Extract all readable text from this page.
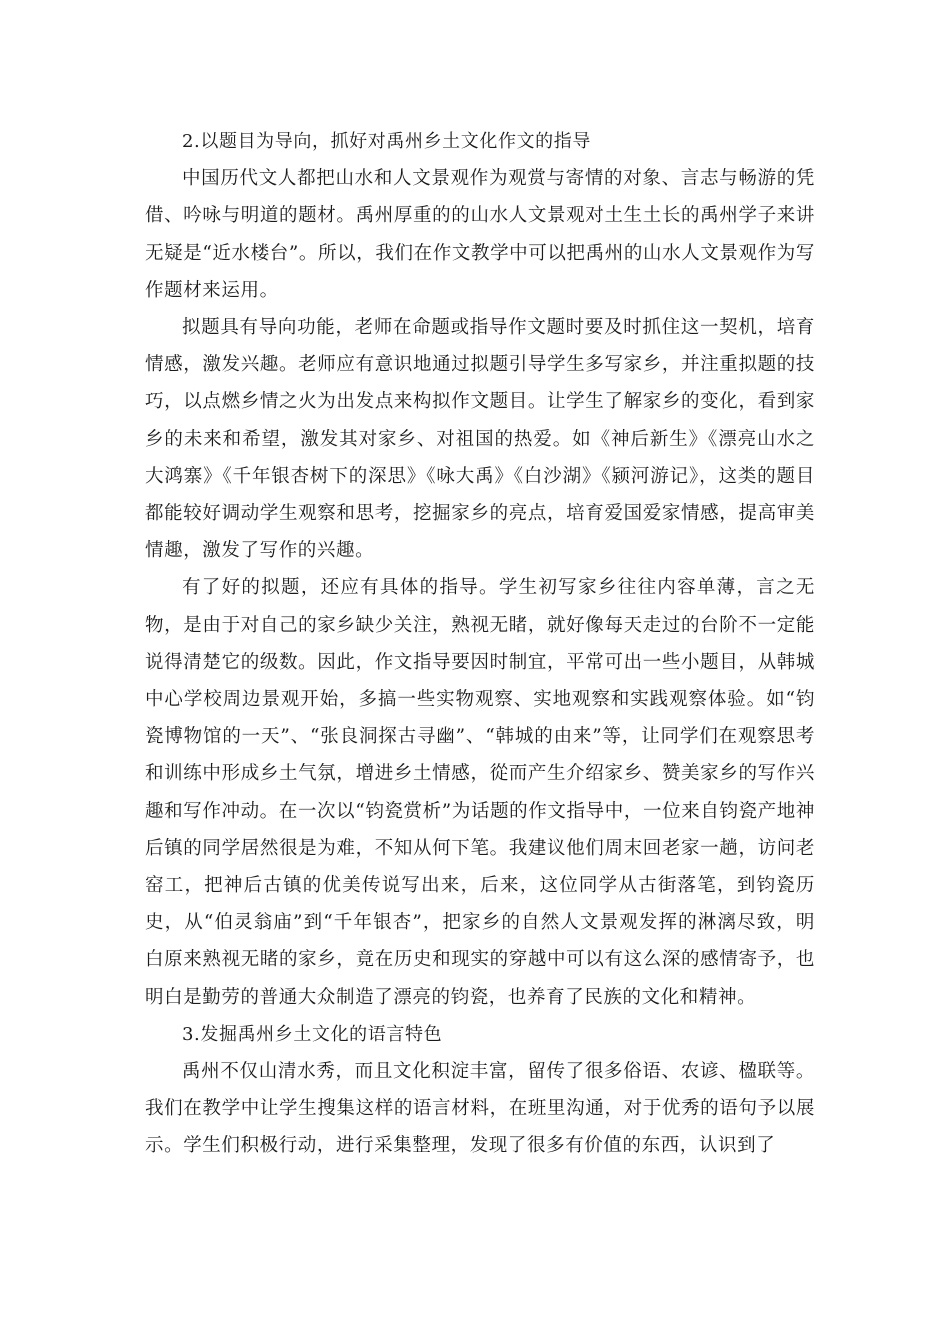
2.以题目为导向，抓好对禹州乡土文化作文的指导

中国历代文人都把山水和人文景观作为观赏与寄情的对象、言志与畅游的凭借、吟咏与明道的题材。禹州厚重的的山水人文景观对土生土长的禹州学子来讲无疑是“近水楼台”。所以，我们在作文教学中可以把禹州的山水人文景观作为写作题材来运用。

拟题具有导向功能，老师在命题或指导作文题时要及时抓住这一契机，培育情感，激发兴趣。老师应有意识地通过拟题引导学生多写家乡，并注重拟题的技巧，以点燃乡情之火为出发点来构拟作文题目。让学生了解家乡的变化，看到家乡的未来和希望，激发其对家乡、对祖国的热爱。如《神后新生》《漂亮山水之大鸿寨》《千年银杏树下的深思》《咏大禹》《白沙湖》《颍河游记》，这类的题目都能较好调动学生观察和思考，挖掘家乡的亮点，培育爱国爱家情感，提高审美情趣，激发了写作的兴趣。

有了好的拟题，还应有具体的指导。学生初写家乡往往内容单薄，言之无物，是由于对自己的家乡缺少关注，熟视无睹，就好像每天走过的台阶不一定能说得清楚它的级数。因此，作文指导要因时制宜，平常可出一些小题目，从韩城中心学校周边景观开始，多搞一些实物观察、实地观察和实践观察体验。如“钧瓷博物馆的一天”、“张良洞探古寻幽”、“韩城的由来”等，让同学们在观察思考和训练中形成乡土气氛，增进乡土情感，從而产生介绍家乡、赞美家乡的写作兴趣和写作冲动。在一次以“钧瓷赏析”为话题的作文指导中，一位来自钧瓷产地神后镇的同学居然很是为难，不知从何下笔。我建议他们周末回老家一趟，访问老窑工，把神后古镇的优美传说写出来，后来，这位同学从古街落笔，到钧瓷历史，从“伯灵翁庙”到“千年银杏”，把家乡的自然人文景观发挥的淋漓尽致，明白原来熟视无睹的家乡，竟在历史和现实的穿越中可以有这么深的感情寄予，也明白是勤劳的普通大众制造了漂亮的钧瓷，也养育了民族的文化和精神。

3.发掘禹州乡土文化的语言特色

禹州不仅山清水秀，而且文化积淀丰富，留传了很多俗语、农谚、楹联等。我们在教学中让学生搜集这样的语言材料，在班里沟通，对于优秀的语句予以展示。学生们积极行动，进行采集整理，发现了很多有价值的东西，认识到了
